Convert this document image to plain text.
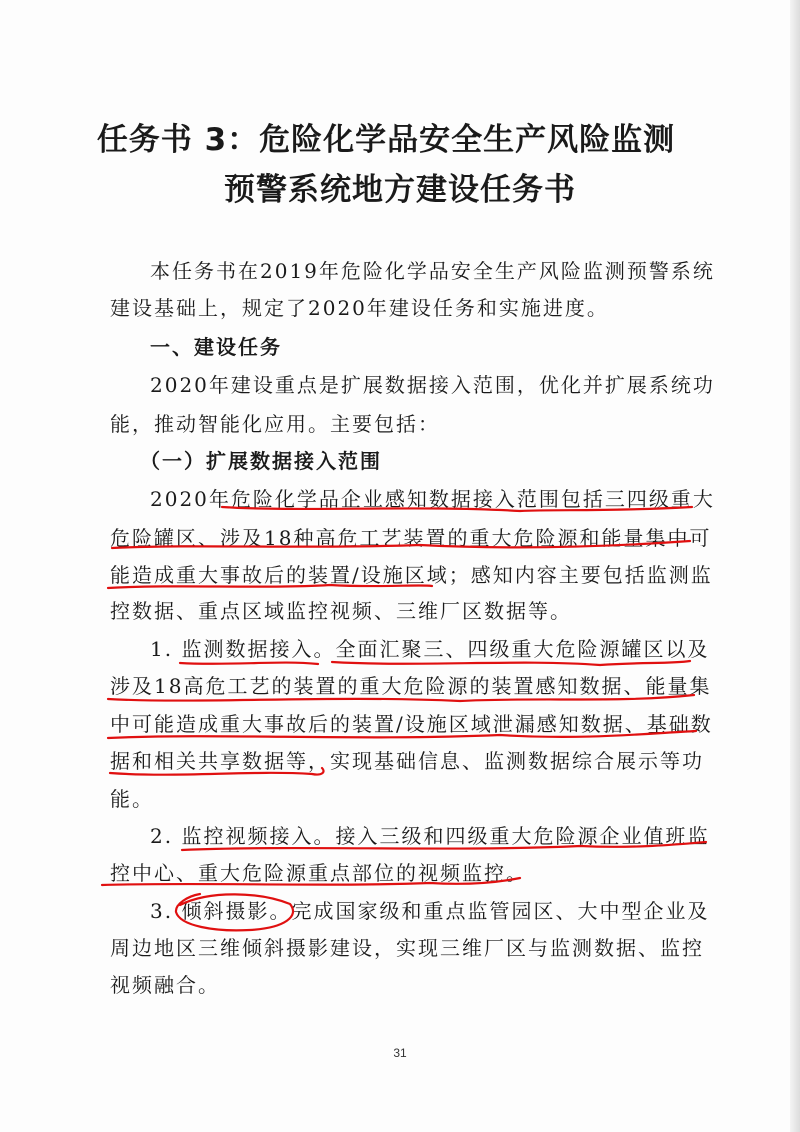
任务书 3：危险化学品安全生产风险监测
预警系统地方建设任务书
本任务书在2019年危险化学品安全生产风险监测预警系统
建设基础上，规定了2020年建设任务和实施进度。
一、建设任务
2020年建设重点是扩展数据接入范围，优化并扩展系统功
能，推动智能化应用。主要包括：
（一）扩展数据接入范围
2020年危险化学品企业感知数据接入范围包括三四级重大
危险罐区、涉及18种高危工艺装置的重大危险源和能量集中可
能造成重大事故后的装置/设施区域；感知内容主要包括监测监
控数据、重点区域监控视频、三维厂区数据等。
1. 监测数据接入。全面汇聚三、四级重大危险源罐区以及
涉及18高危工艺的装置的重大危险源的装置感知数据、能量集
中可能造成重大事故后的装置/设施区域泄漏感知数据、基础数
据和相关共享数据等，实现基础信息、监测数据综合展示等功
能。
2. 监控视频接入。接入三级和四级重大危险源企业值班监
控中心、重大危险源重点部位的视频监控。
3. 倾斜摄影。完成国家级和重点监管园区、大中型企业及
周边地区三维倾斜摄影建设，实现三维厂区与监测数据、监控
视频融合。
31
